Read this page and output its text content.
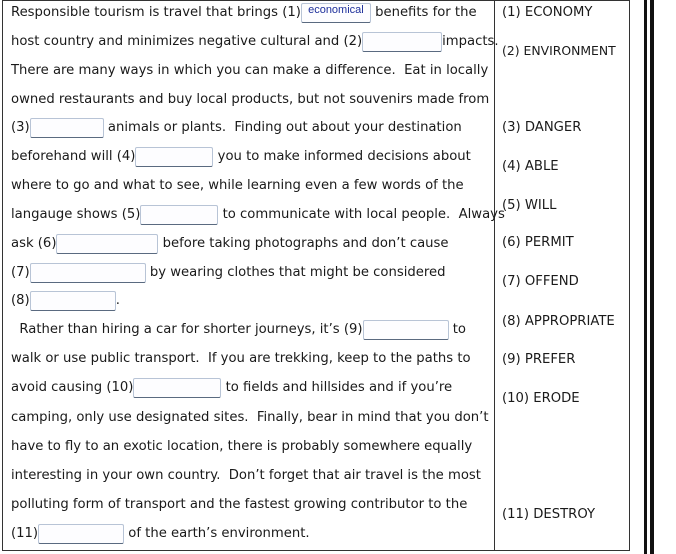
Responsible tourism is travel that brings (1) economical benefits for the
host country and minimizes negative cultural and (2)	impacts.
There are many ways in which you can make a difference.  Eat in locally
owned restaurants and buy local products, but not souvenirs made from
(3)	animals or plants.  Finding out about your destination
beforehand will (4)	you to make informed decisions about
where to go and what to see, while learning even a few words of the
langauge shows (5)	to communicate with local people.  Always
ask (6)	before taking photographs and don’t cause
(7)	by wearing clothes that might be considered
(8)	.
Rather than hiring a car for shorter journeys, it’s (9)	to
walk or use public transport.  If you are trekking, keep to the paths to
avoid causing (10)	to fields and hillsides and if you’re
camping, only use designated sites.  Finally, bear in mind that you don’t
have to fly to an exotic location, there is probably somewhere equally
interesting in your own country.  Don’t forget that air travel is the most
polluting form of transport and the fastest growing contributor to the
(11)	of the earth’s environment.
(1) ECONOMY
(2) ENVIRONMENT
(3) DANGER
(4) ABLE
(5) WILL
(6) PERMIT
(7) OFFEND
(8) APPROPRIATE
(9) PREFER
(10) ERODE
(11) DESTROY
